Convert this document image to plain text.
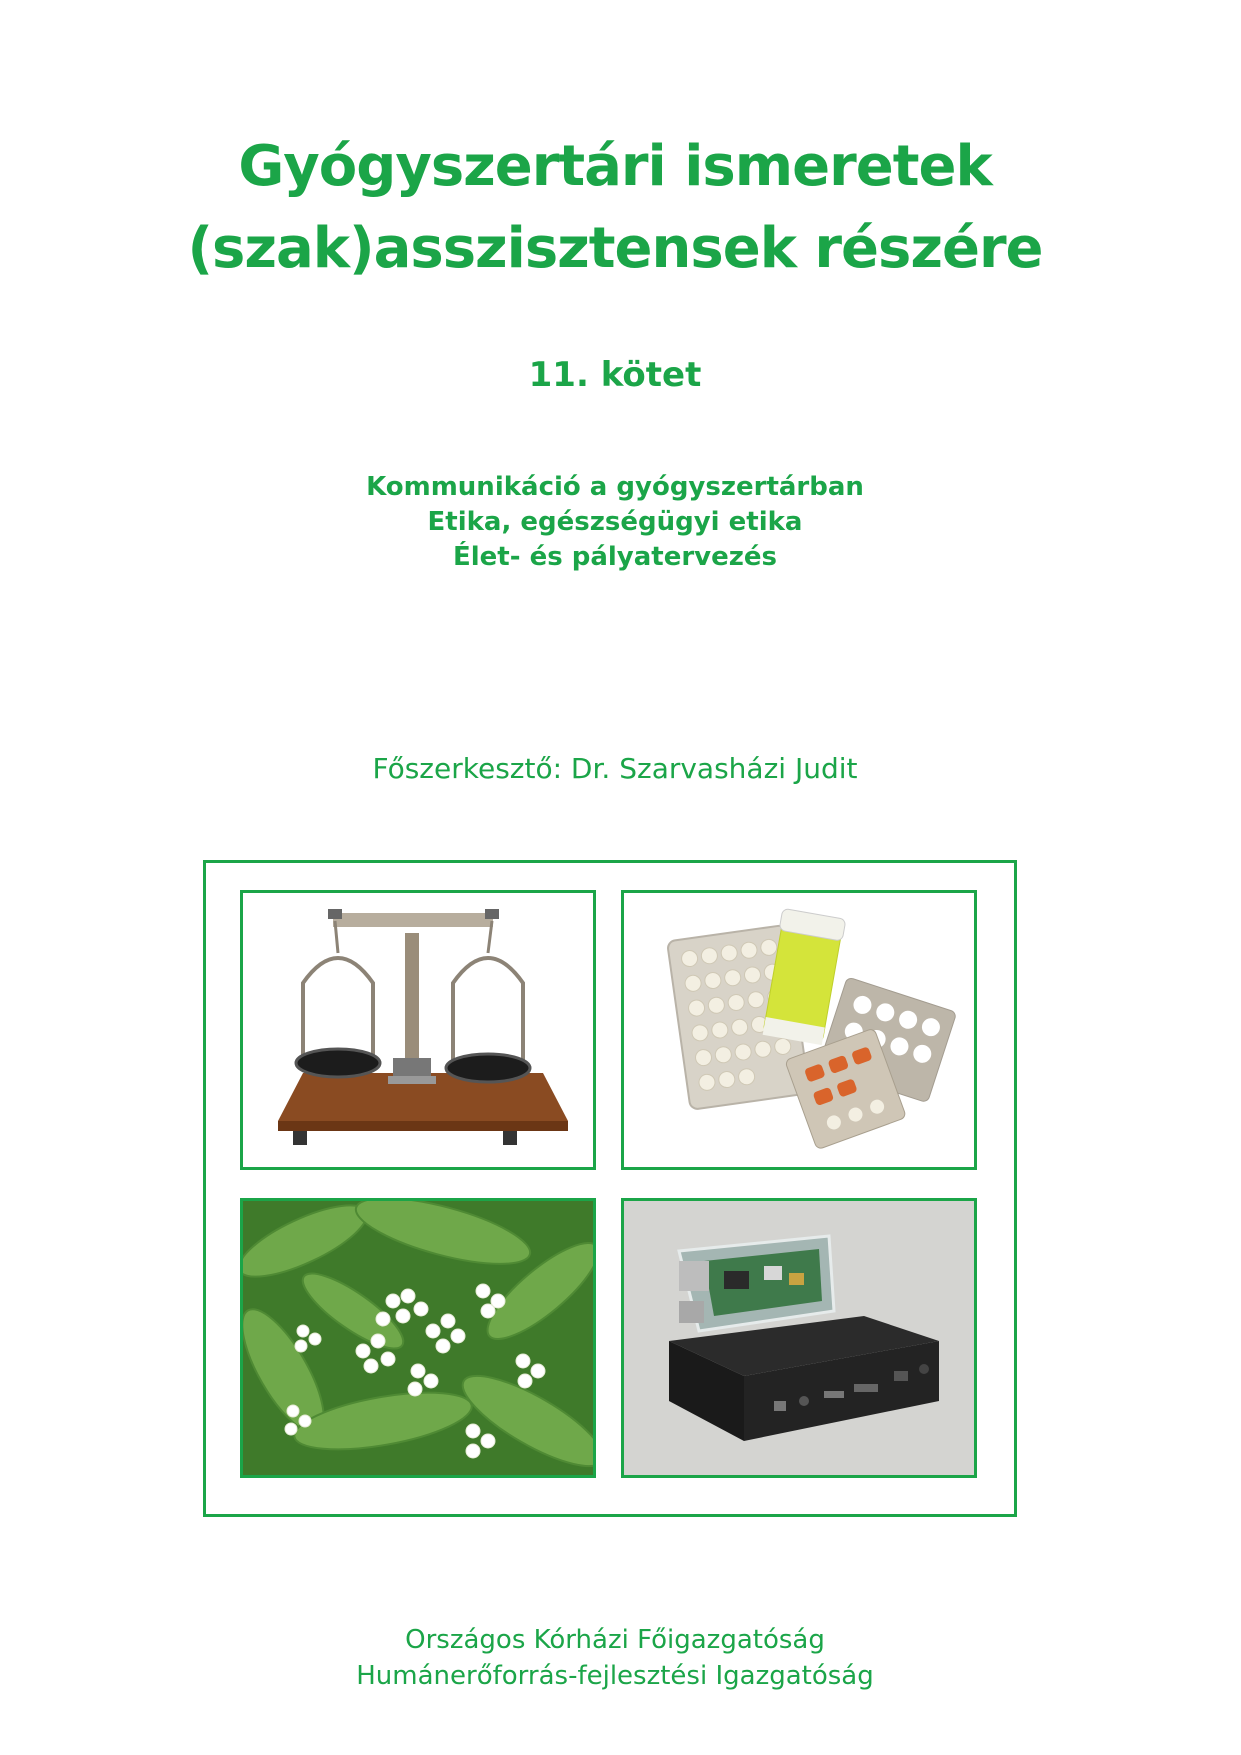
Gyógyszertári ismeretek
(szak)asszisztensek részére
11. kötet
Kommunikáció a gyógyszertárban
Etika, egészségügyi etika
Élet- és pályatervezés

Főszerkesztő: Dr. Szarvasházi Judit

Országos Kórházi Főigazgatóság
Humánerőforrás-fejlesztési Igazgatóság
